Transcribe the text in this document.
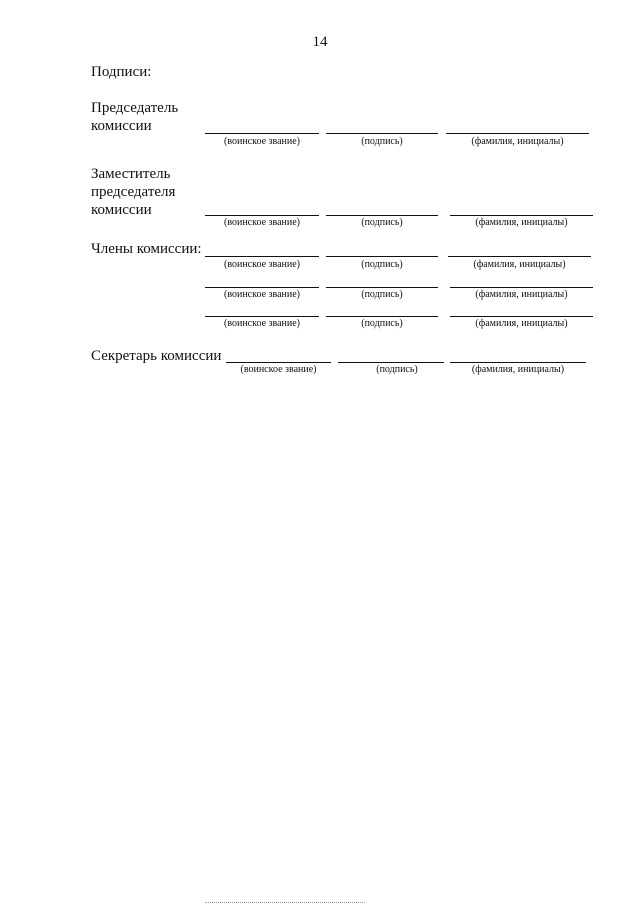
14
Подписи:
Председатель
комиссии
(воинское звание)	(подпись)	(фамилия, инициалы)
Заместитель
председателя
комиссии
(воинское звание)	(подпись)	(фамилия, инициалы)
Члены комиссии:
(воинское звание)	(подпись)	(фамилия, инициалы)
(воинское звание)	(подпись)	(фамилия, инициалы)
(воинское звание)	(подпись)	(фамилия, инициалы)
Секретарь комиссии
(воинское звание)	(подпись)	(фамилия, инициалы)
